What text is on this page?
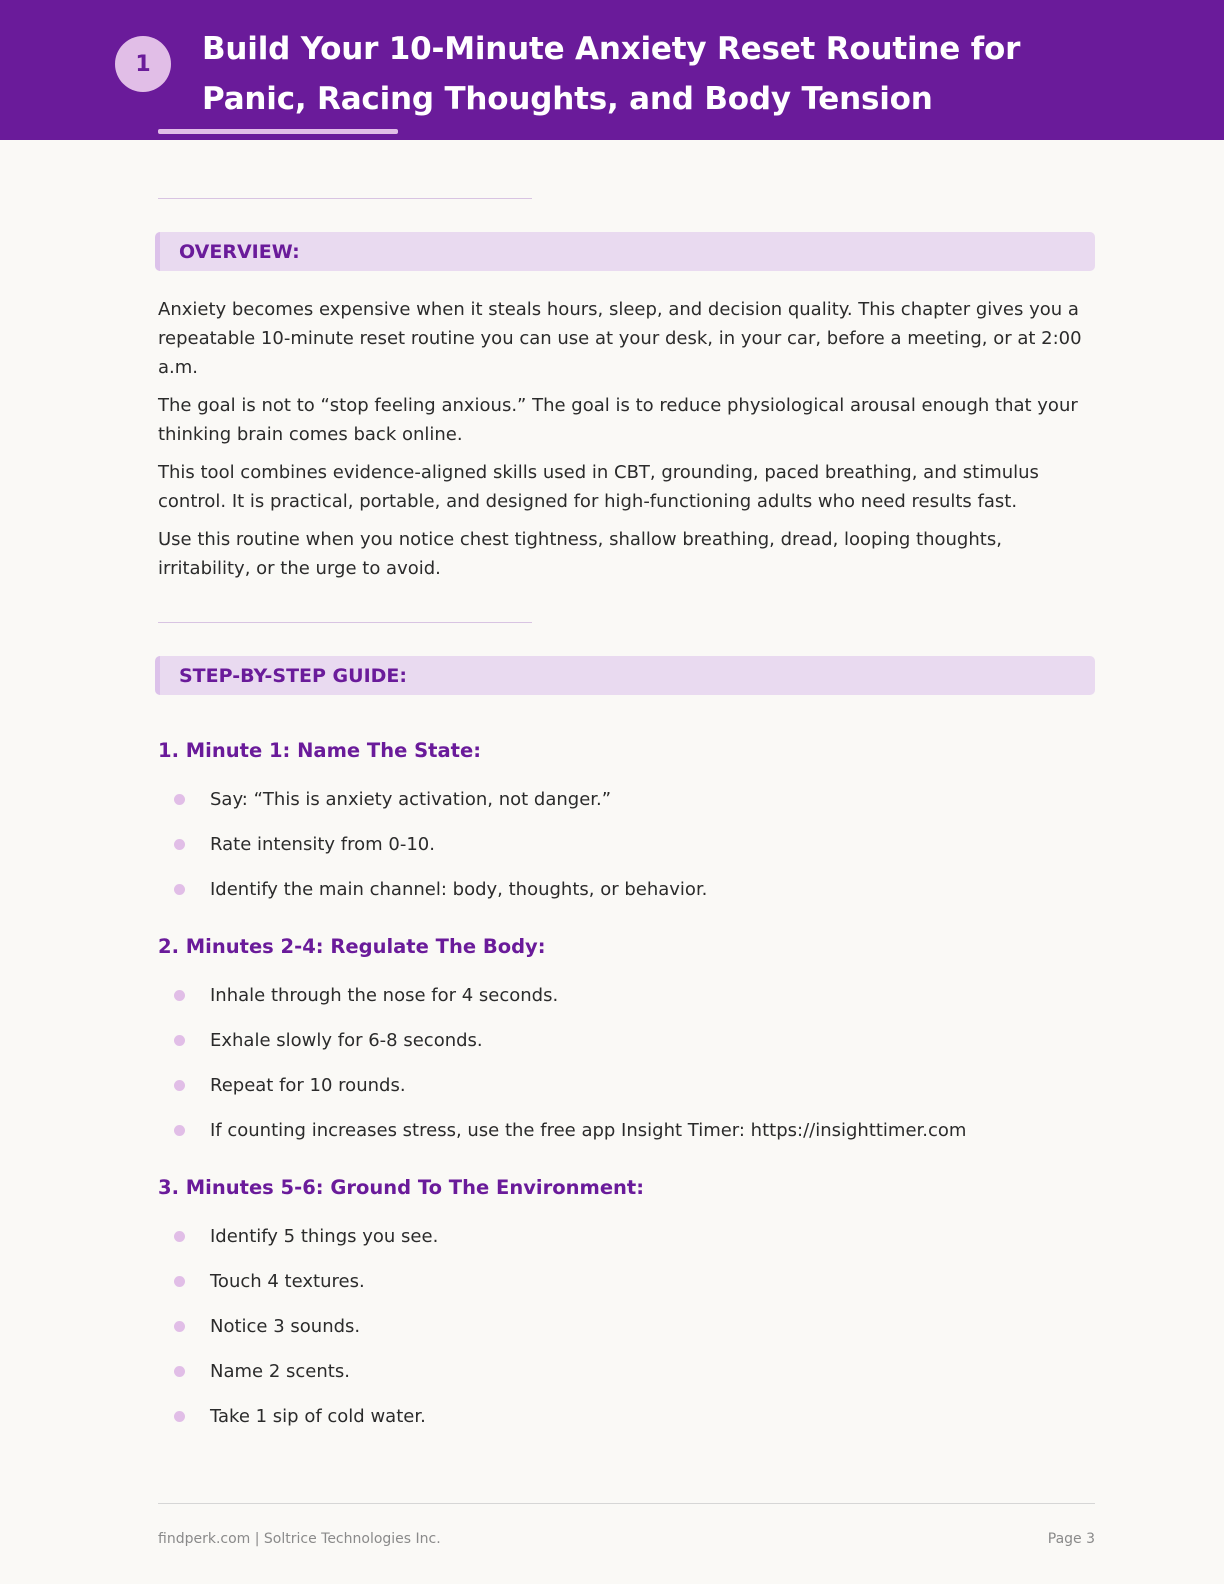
1	Build Your 10-Minute Anxiety Reset Routine for Panic, Racing Thoughts, and Body Tension
OVERVIEW:

Anxiety becomes expensive when it steals hours, sleep, and decision quality. This chapter gives you a repeatable 10-minute reset routine you can use at your desk, in your car, before a meeting, or at 2:00 a.m.

The goal is not to “stop feeling anxious.” The goal is to reduce physiological arousal enough that your thinking brain comes back online.

This tool combines evidence-aligned skills used in CBT, grounding, paced breathing, and stimulus control. It is practical, portable, and designed for high-functioning adults who need results fast.

Use this routine when you notice chest tightness, shallow breathing, dread, looping thoughts, irritability, or the urge to avoid.

STEP-BY-STEP GUIDE:
1. Minute 1: Name The State:
Say: “This is anxiety activation, not danger.”
Rate intensity from 0-10.
Identify the main channel: body, thoughts, or behavior.
2. Minutes 2-4: Regulate The Body:
Inhale through the nose for 4 seconds.
Exhale slowly for 6-8 seconds.
Repeat for 10 rounds.
If counting increases stress, use the free app Insight Timer: https://insighttimer.com
3. Minutes 5-6: Ground To The Environment:
Identify 5 things you see.
Touch 4 textures.
Notice 3 sounds.
Name 2 scents.
Take 1 sip of cold water.
findperk.com | Soltrice Technologies Inc.	Page 3
